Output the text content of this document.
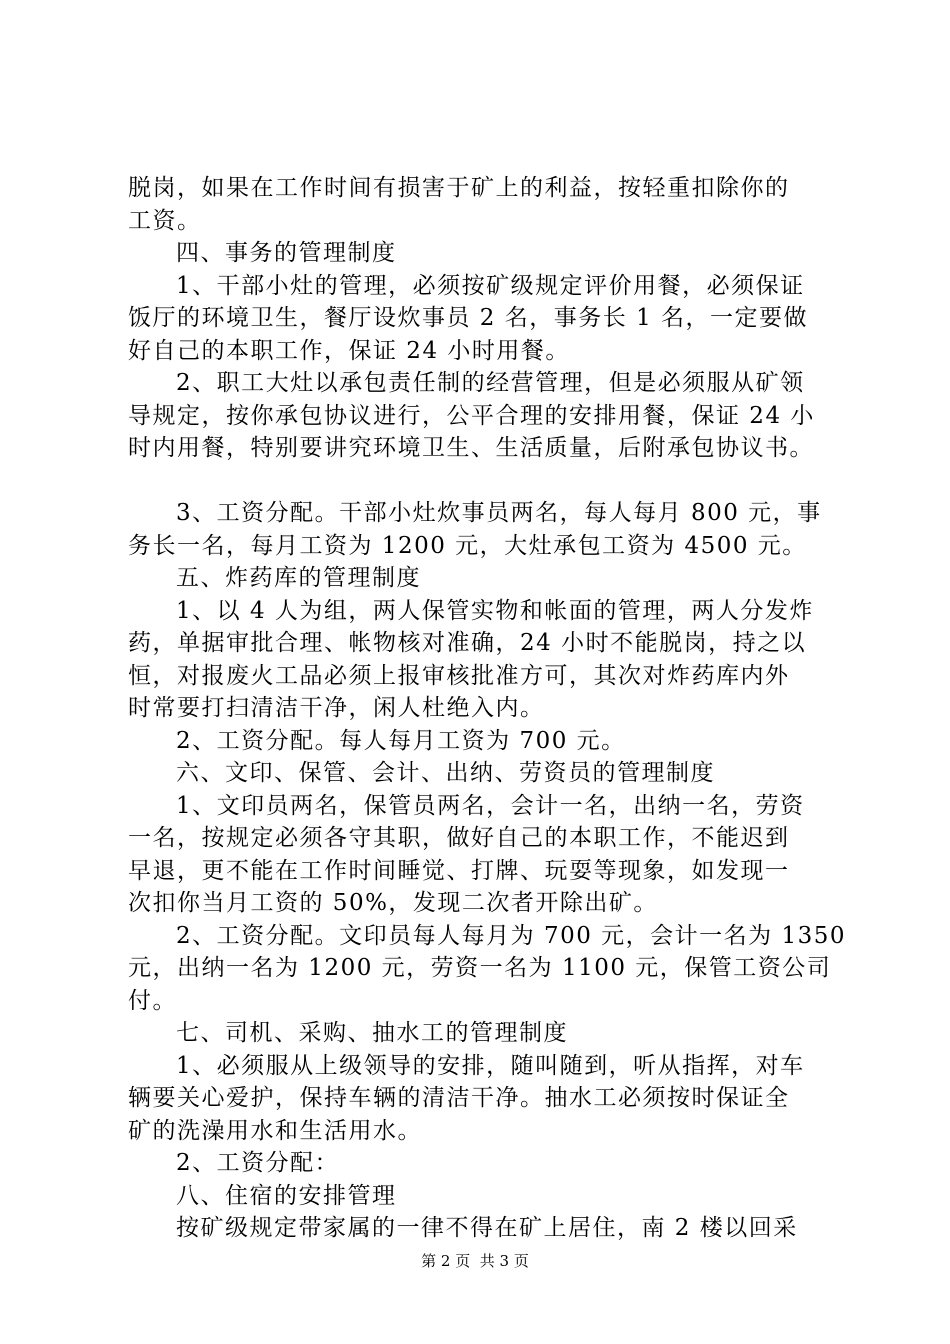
脱岗，如果在工作时间有损害于矿上的利益，按轻重扣除你的
工资。
四、事务的管理制度
1、干部小灶的管理，必须按矿级规定评价用餐，必须保证
饭厅的环境卫生，餐厅设炊事员 2 名，事务长 1 名，一定要做
好自己的本职工作，保证 24 小时用餐。
2、职工大灶以承包责任制的经营管理，但是必须服从矿领
导规定，按你承包协议进行，公平合理的安排用餐，保证 24 小
时内用餐，特别要讲究环境卫生、生活质量，后附承包协议书。
3、工资分配。干部小灶炊事员两名，每人每月 800 元，事
务长一名，每月工资为 1200 元，大灶承包工资为 4500 元。
五、炸药库的管理制度
1、以 4 人为组，两人保管实物和帐面的管理，两人分发炸
药，单据审批合理、帐物核对准确，24 小时不能脱岗，持之以
恒，对报废火工品必须上报审核批准方可，其次对炸药库内外
时常要打扫清洁干净，闲人杜绝入内。
2、工资分配。每人每月工资为 700 元。
六、文印、保管、会计、出纳、劳资员的管理制度
1、文印员两名，保管员两名，会计一名，出纳一名，劳资
一名，按规定必须各守其职，做好自己的本职工作，不能迟到
早退，更不能在工作时间睡觉、打牌、玩耍等现象，如发现一
次扣你当月工资的 50%，发现二次者开除出矿。
2、工资分配。文印员每人每月为 700 元，会计一名为 1350
元，出纳一名为 1200 元，劳资一名为 1100 元，保管工资公司
付。
七、司机、采购、抽水工的管理制度
1、必须服从上级领导的安排，随叫随到，听从指挥，对车
辆要关心爱护，保持车辆的清洁干净。抽水工必须按时保证全
矿的洗澡用水和生活用水。
2、工资分配：
八、住宿的安排管理
按矿级规定带家属的一律不得在矿上居住，南 2 楼以回采
第 2 页  共 3 页
